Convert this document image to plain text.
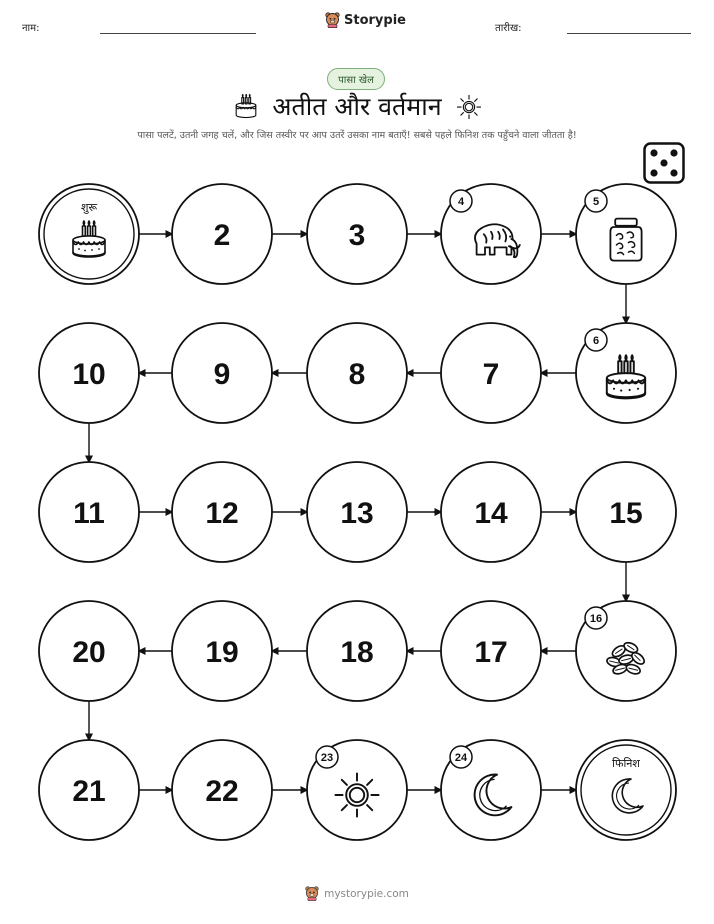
नाम:
Storypie
तारीख:
पासा खेल
अतीत और वर्तमान
पासा पलटें, उतनी जगह चलें, और जिस तस्वीर पर आप उतरें उसका नाम बताएँ! सबसे पहले फिनिश तक पहुँचने वाला जीतता है!
शुरू
2	3
4	5
6
7
8
9
10
11	12	13	14	15
16
17
18
19
20
21	22
23	24	फिनिश
mystorypie.com
